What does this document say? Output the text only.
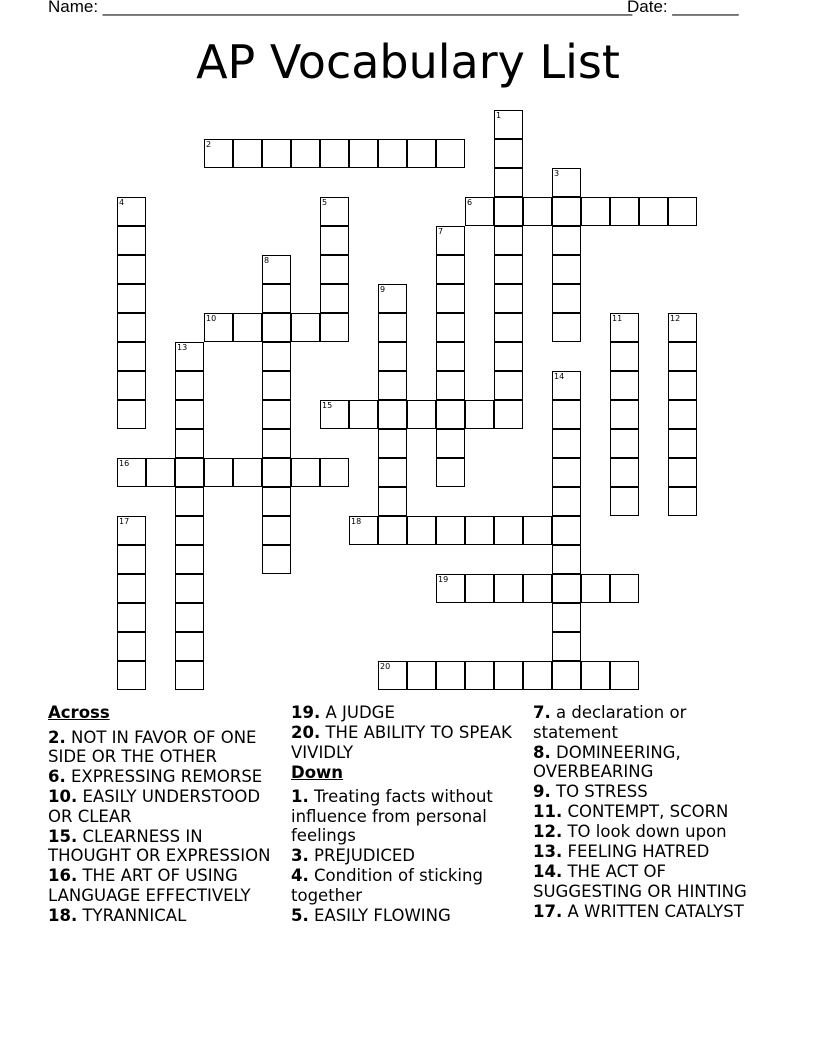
Name: ________________________________________________________
Date: _______
AP Vocabulary List
2
6
10
15
16
18
19
20
1
3
4	5
7
8
9
11	12
13
14
17
Across
2. NOT IN FAVOR OF ONE SIDE OR THE OTHER
6. EXPRESSING REMORSE
10. EASILY UNDERSTOOD OR CLEAR
15. CLEARNESS IN THOUGHT OR EXPRESSION
16. THE ART OF USING LANGUAGE EFFECTIVELY
18. TYRANNICAL
19. A JUDGE
20. THE ABILITY TO SPEAK VIVIDLY
Down
1. Treating facts without influence from personal feelings
3. PREJUDICED
4. Condition of sticking together
5. EASILY FLOWING
7. a declaration or statement
8. DOMINEERING, OVERBEARING
9. TO STRESS
11. CONTEMPT, SCORN
12. TO look down upon
13. FEELING HATRED
14. THE ACT OF SUGGESTING OR HINTING
17. A WRITTEN CATALYST
